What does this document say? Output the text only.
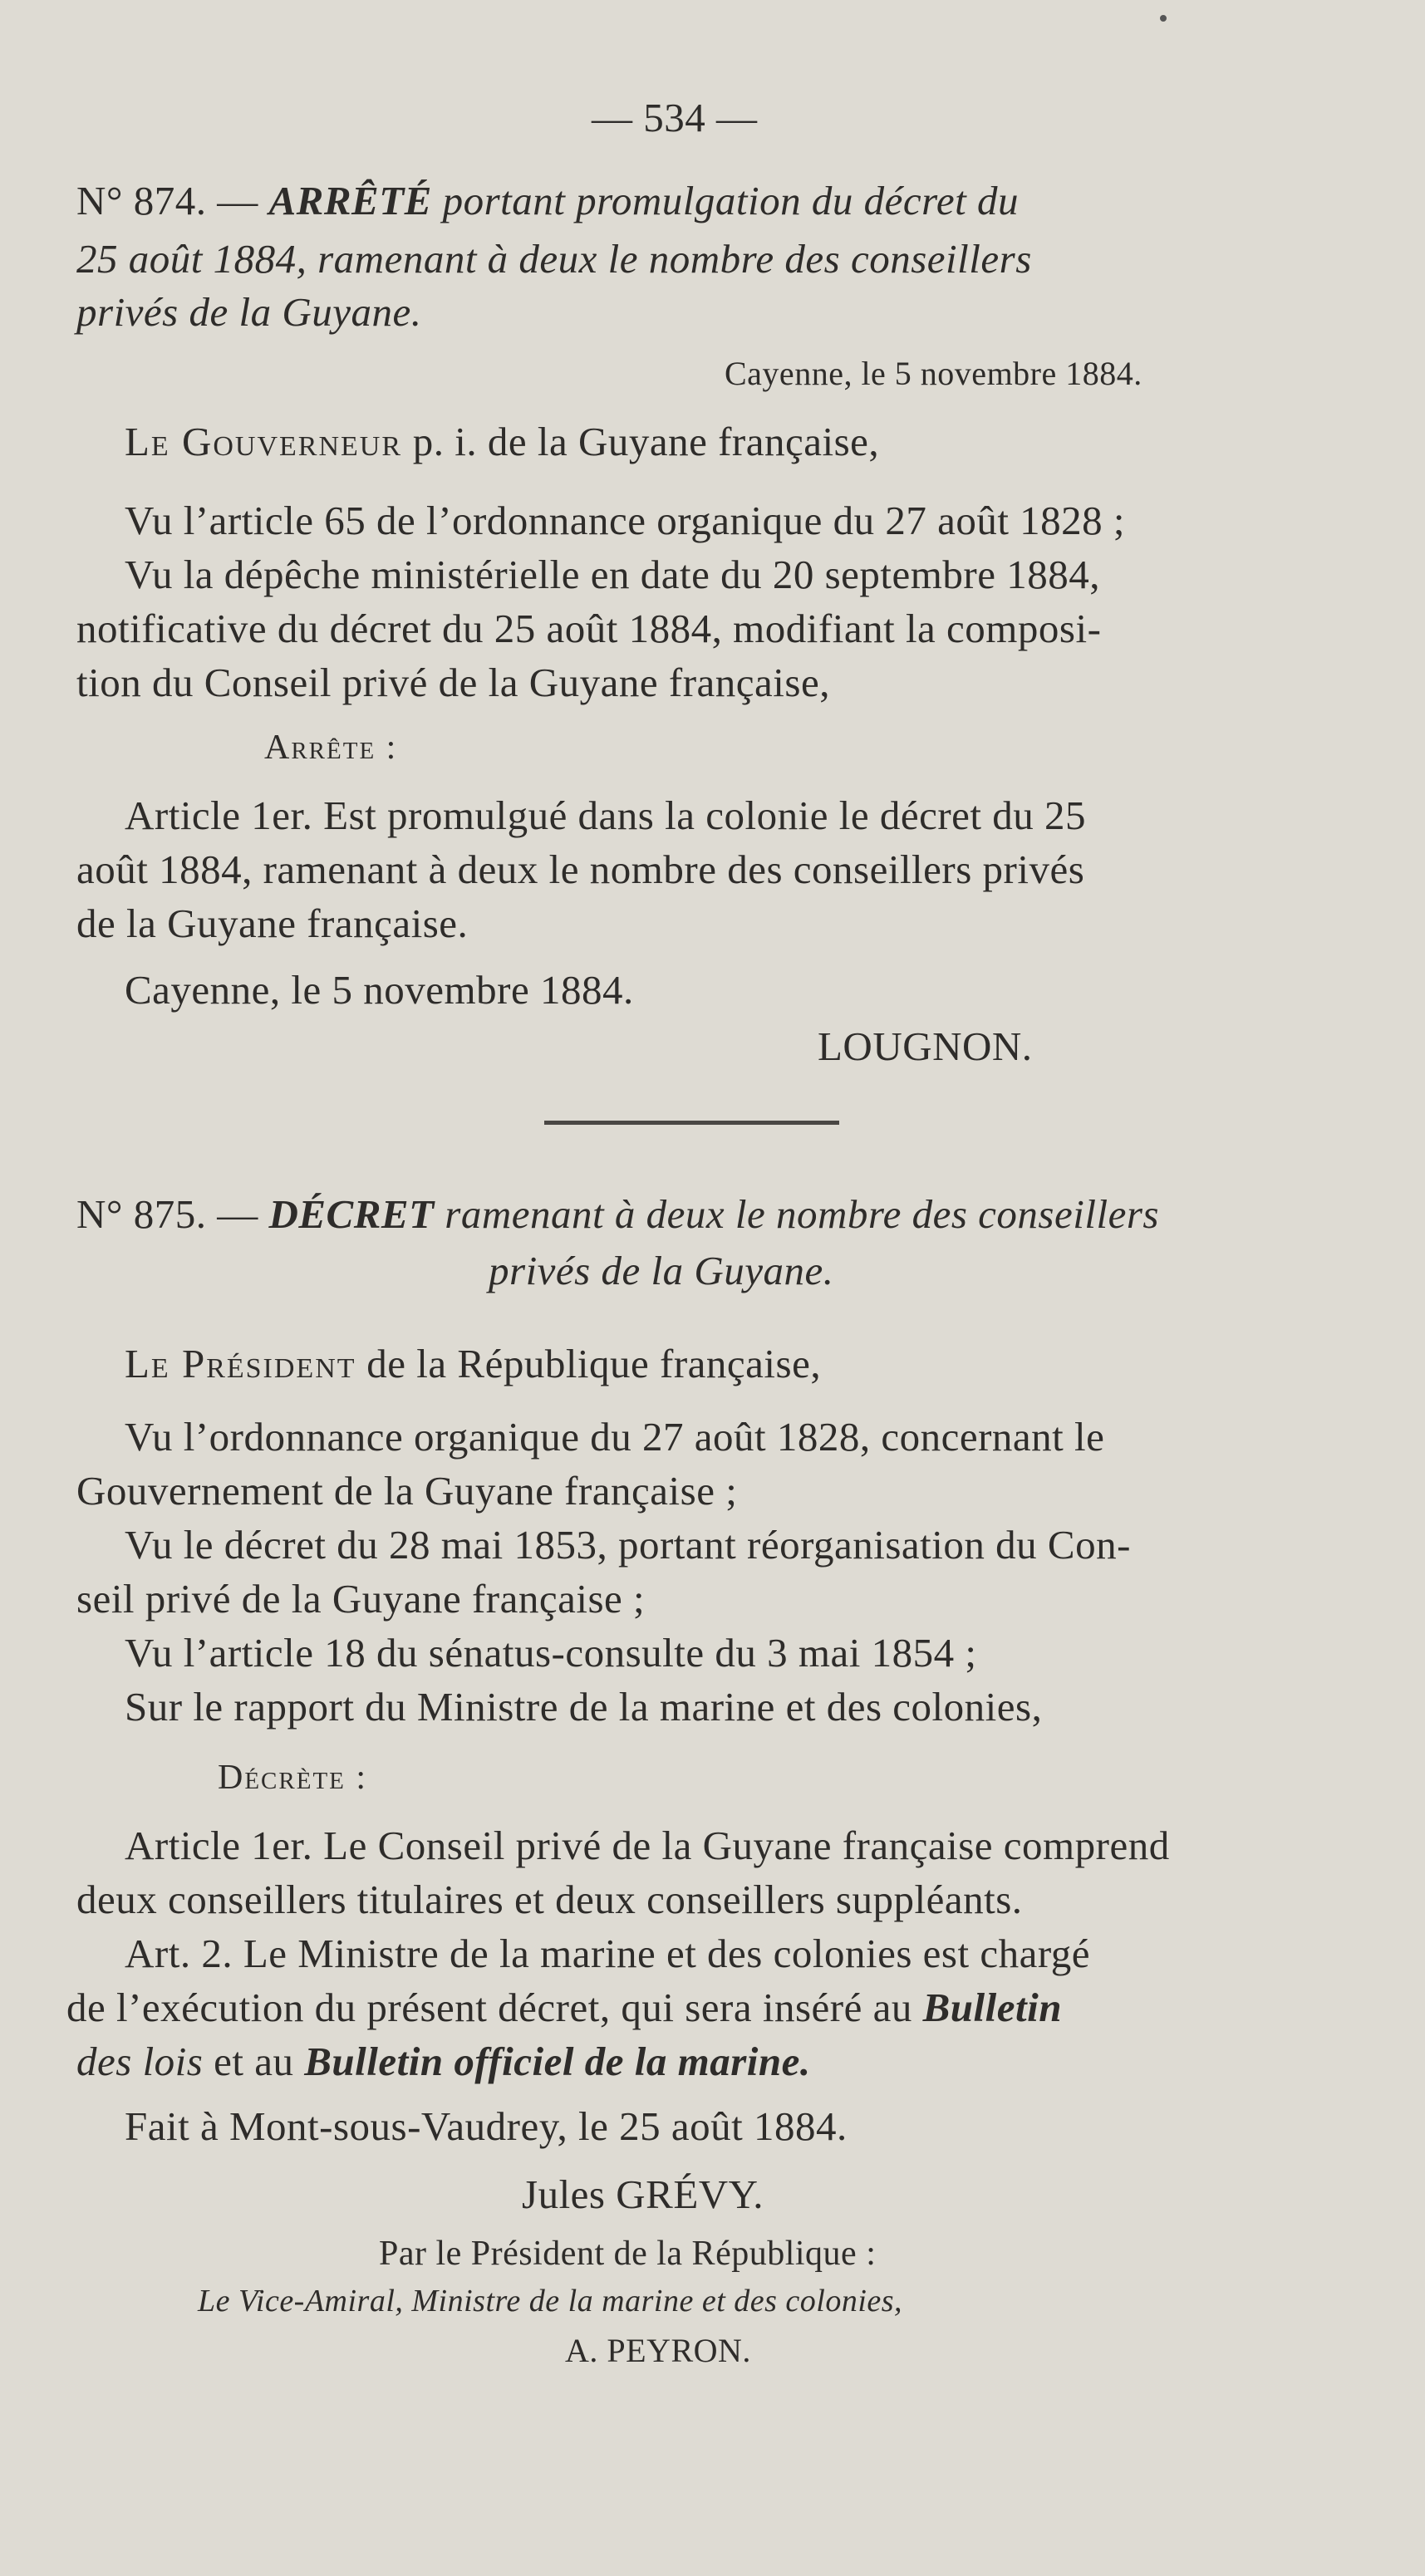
— 534 —
N° 874. — ARRÊTÉ portant promulgation du décret du
25 août 1884, ramenant à deux le nombre des conseillers
privés de la Guyane.
Cayenne, le 5 novembre 1884.
Le Gouverneur p. i. de la Guyane française,
Vu l’article 65 de l’ordonnance organique du 27 août 1828 ;
Vu la dépêche ministérielle en date du 20 septembre 1884,
notificative du décret du 25 août 1884, modifiant la composi-
tion du Conseil privé de la Guyane française,
Arrête :
Article 1er. Est promulgué dans la colonie le décret du 25
août 1884, ramenant à deux le nombre des conseillers privés
de la Guyane française.
Cayenne, le 5 novembre 1884.
LOUGNON.
N° 875. — DÉCRET ramenant à deux le nombre des conseillers
privés de la Guyane.
Le Président de la République française,
Vu l’ordonnance organique du 27 août 1828, concernant le
Gouvernement de la Guyane française ;
Vu le décret du 28 mai 1853, portant réorganisation du Con-
seil privé de la Guyane française ;
Vu l’article 18 du sénatus-consulte du 3 mai 1854 ;
Sur le rapport du Ministre de la marine et des colonies,
Décrète :
Article 1er. Le Conseil privé de la Guyane française comprend
deux conseillers titulaires et deux conseillers suppléants.
Art. 2. Le Ministre de la marine et des colonies est chargé
de l’exécution du présent décret, qui sera inséré au Bulletin
des lois et au Bulletin officiel de la marine.
Fait à Mont-sous-Vaudrey, le 25 août 1884.
Jules GRÉVY.
Par le Président de la République :
Le Vice-Amiral, Ministre de la marine et des colonies,
A. PEYRON.
